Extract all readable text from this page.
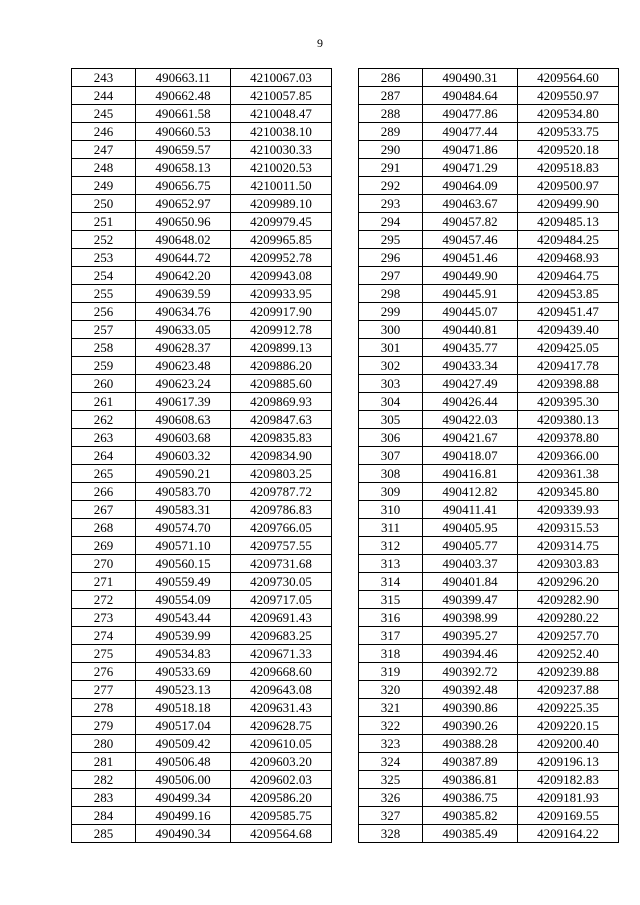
9
243	490663.11	4210067.03
244	490662.48	4210057.85
245	490661.58	4210048.47
246	490660.53	4210038.10
247	490659.57	4210030.33
248	490658.13	4210020.53
249	490656.75	4210011.50
250	490652.97	4209989.10
251	490650.96	4209979.45
252	490648.02	4209965.85
253	490644.72	4209952.78
254	490642.20	4209943.08
255	490639.59	4209933.95
256	490634.76	4209917.90
257	490633.05	4209912.78
258	490628.37	4209899.13
259	490623.48	4209886.20
260	490623.24	4209885.60
261	490617.39	4209869.93
262	490608.63	4209847.63
263	490603.68	4209835.83
264	490603.32	4209834.90
265	490590.21	4209803.25
266	490583.70	4209787.72
267	490583.31	4209786.83
268	490574.70	4209766.05
269	490571.10	4209757.55
270	490560.15	4209731.68
271	490559.49	4209730.05
272	490554.09	4209717.05
273	490543.44	4209691.43
274	490539.99	4209683.25
275	490534.83	4209671.33
276	490533.69	4209668.60
277	490523.13	4209643.08
278	490518.18	4209631.43
279	490517.04	4209628.75
280	490509.42	4209610.05
281	490506.48	4209603.20
282	490506.00	4209602.03
283	490499.34	4209586.20
284	490499.16	4209585.75
285	490490.34	4209564.68
286	490490.31	4209564.60
287	490484.64	4209550.97
288	490477.86	4209534.80
289	490477.44	4209533.75
290	490471.86	4209520.18
291	490471.29	4209518.83
292	490464.09	4209500.97
293	490463.67	4209499.90
294	490457.82	4209485.13
295	490457.46	4209484.25
296	490451.46	4209468.93
297	490449.90	4209464.75
298	490445.91	4209453.85
299	490445.07	4209451.47
300	490440.81	4209439.40
301	490435.77	4209425.05
302	490433.34	4209417.78
303	490427.49	4209398.88
304	490426.44	4209395.30
305	490422.03	4209380.13
306	490421.67	4209378.80
307	490418.07	4209366.00
308	490416.81	4209361.38
309	490412.82	4209345.80
310	490411.41	4209339.93
311	490405.95	4209315.53
312	490405.77	4209314.75
313	490403.37	4209303.83
314	490401.84	4209296.20
315	490399.47	4209282.90
316	490398.99	4209280.22
317	490395.27	4209257.70
318	490394.46	4209252.40
319	490392.72	4209239.88
320	490392.48	4209237.88
321	490390.86	4209225.35
322	490390.26	4209220.15
323	490388.28	4209200.40
324	490387.89	4209196.13
325	490386.81	4209182.83
326	490386.75	4209181.93
327	490385.82	4209169.55
328	490385.49	4209164.22
